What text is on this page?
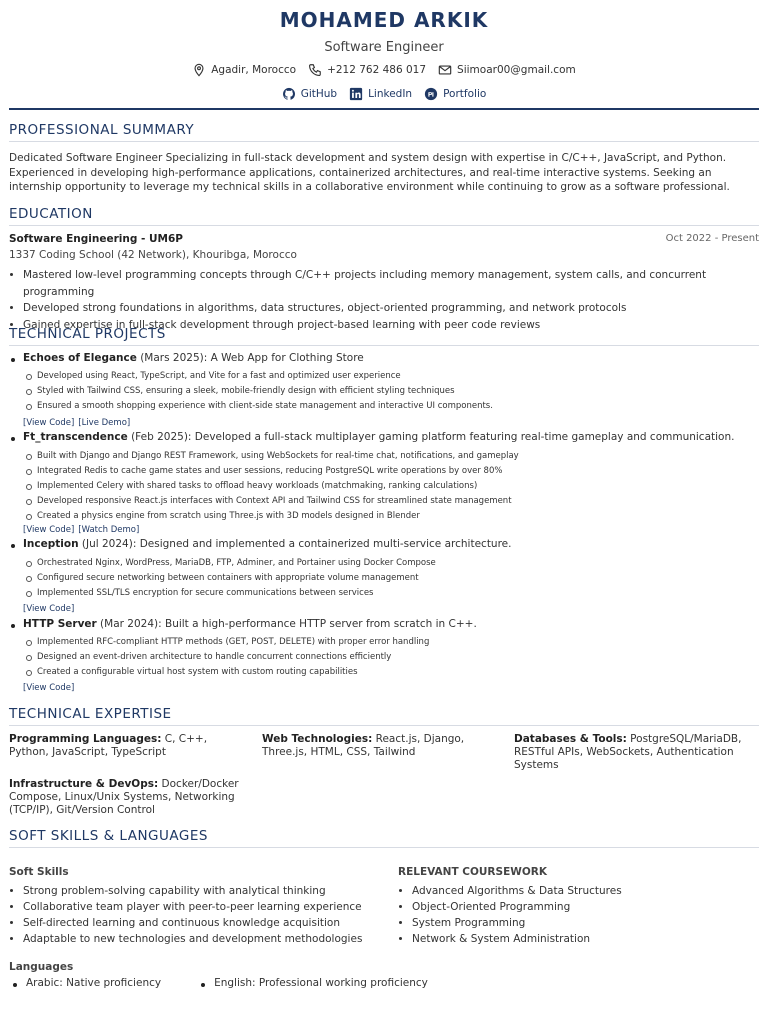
MOHAMED ARKIK
Software Engineer
Agadir, Morocco	+212 762 486 017	Siimoar00@gmail.com
GitHub	LinkedIn	Portfolio
PROFESSIONAL SUMMARY

Dedicated Software Engineer Specializing in full-stack development and system design with expertise in C/C++, JavaScript, and Python. Experienced in developing high-performance applications, containerized architectures, and real-time interactive systems. Seeking an internship opportunity to leverage my technical skills in a collaborative environment while continuing to grow as a software professional.

EDUCATION
Software Engineering - UM6P	Oct 2022 - Present
1337 Coding School (42 Network), Khouribga, Morocco
• Mastered low-level programming concepts through C/C++ projects including memory management, system calls, and concurrent programming
• Developed strong foundations in algorithms, data structures, object-oriented programming, and network protocols
• Gained expertise in full-stack development through project-based learning with peer code reviews
TECHNICAL PROJECTS
Echoes of Elegance (Mars 2025): A Web App for Clothing Store
Developed using React, TypeScript, and Vite for a fast and optimized user experience
Styled with Tailwind CSS, ensuring a sleek, mobile-friendly design with efficient styling techniques
Ensured a smooth shopping experience with client-side state management and interactive UI components.
[View Code] [Live Demo]
Ft_transcendence (Feb 2025): Developed a full-stack multiplayer gaming platform featuring real-time gameplay and communication.
Built with Django and Django REST Framework, using WebSockets for real-time chat, notifications, and gameplay
Integrated Redis to cache game states and user sessions, reducing PostgreSQL write operations by over 80%
Implemented Celery with shared tasks to offload heavy workloads (matchmaking, ranking calculations)
Developed responsive React.js interfaces with Context API and Tailwind CSS for streamlined state management
Created a physics engine from scratch using Three.js with 3D models designed in Blender
[View Code] [Watch Demo]
Inception (Jul 2024): Designed and implemented a containerized multi-service architecture.
Orchestrated Nginx, WordPress, MariaDB, FTP, Adminer, and Portainer using Docker Compose
Configured secure networking between containers with appropriate volume management
Implemented SSL/TLS encryption for secure communications between services
[View Code]
HTTP Server (Mar 2024): Built a high-performance HTTP server from scratch in C++.
Implemented RFC-compliant HTTP methods (GET, POST, DELETE) with proper error handling
Designed an event-driven architecture to handle concurrent connections efficiently
Created a configurable virtual host system with custom routing capabilities
[View Code]
TECHNICAL EXPERTISE
Programming Languages: C, C++, Python, JavaScript, TypeScript
Web Technologies: React.js, Django, Three.js, HTML, CSS, Tailwind
Databases & Tools: PostgreSQL/MariaDB, RESTful APIs, WebSockets, Authentication Systems
Infrastructure & DevOps: Docker/Docker Compose, Linux/Unix Systems, Networking (TCP/IP), Git/Version Control
SOFT SKILLS & LANGUAGES
Soft Skills
• Strong problem-solving capability with analytical thinking
• Collaborative team player with peer-to-peer learning experience
• Self-directed learning and continuous knowledge acquisition
• Adaptable to new technologies and development methodologies
RELEVANT COURSEWORK
• Advanced Algorithms & Data Structures
• Object-Oriented Programming
• System Programming
• Network & System Administration
Languages
Arabic: Native proficiency	English: Professional working proficiency
